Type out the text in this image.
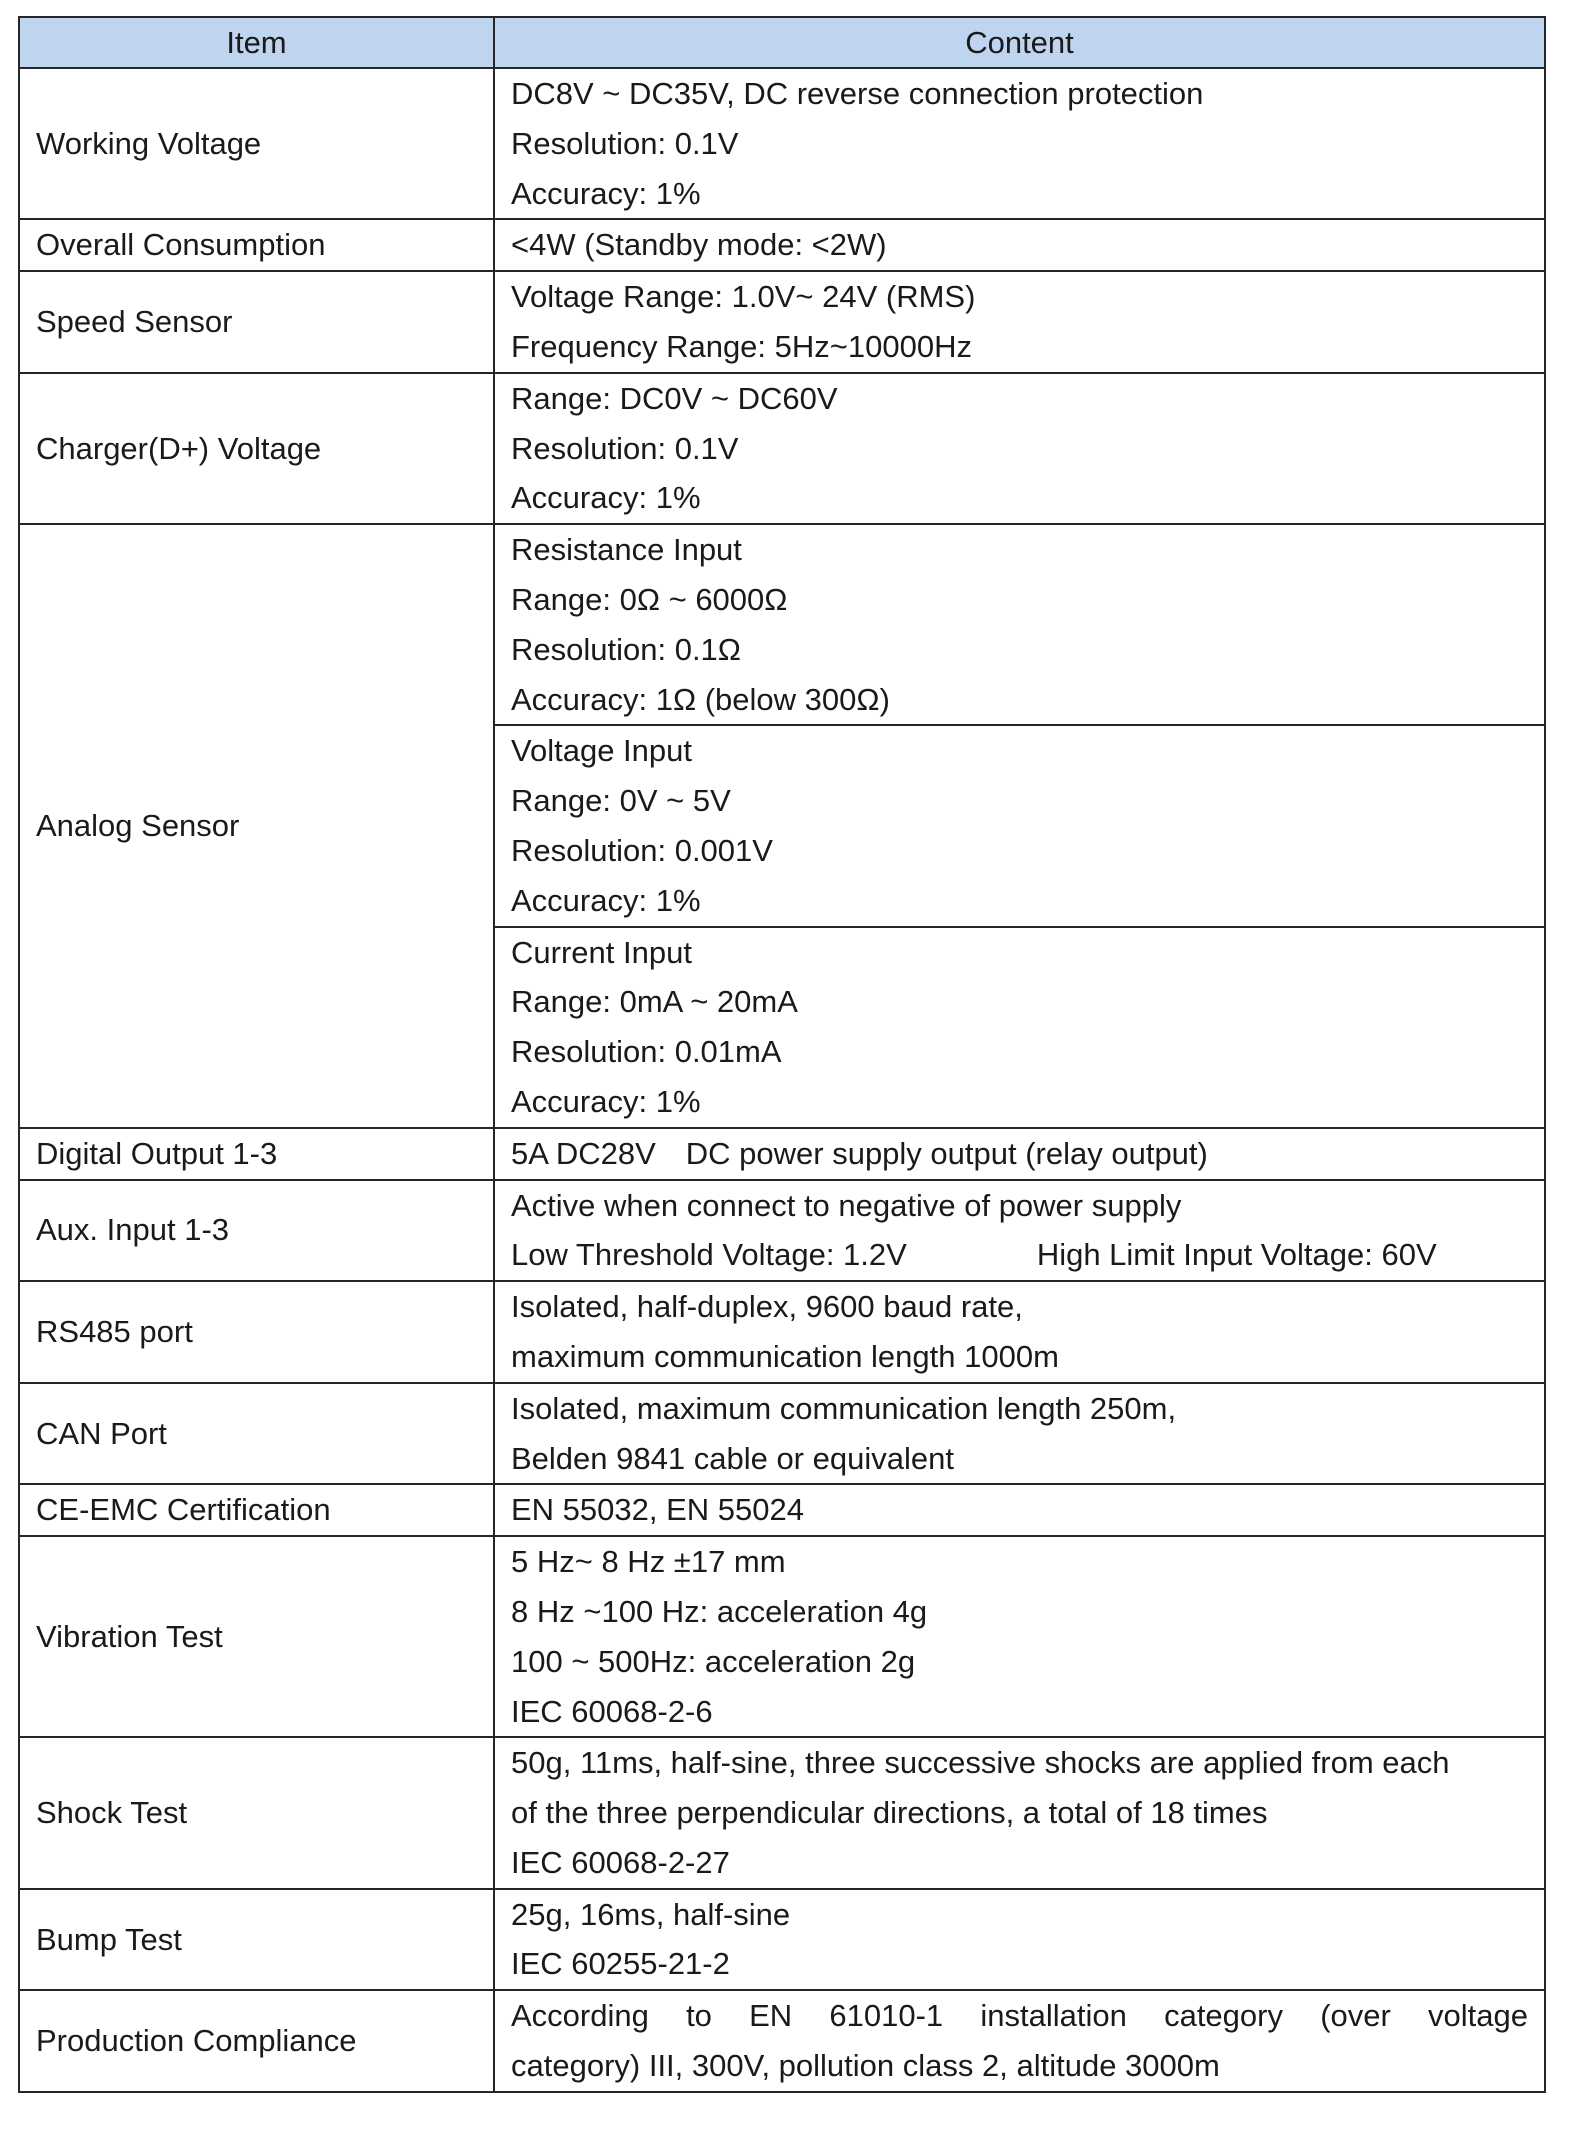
Item	Content
Working Voltage	DC8V ~ DC35V, DC reverse connection protection
Resolution: 0.1V
Accuracy: 1%

Overall Consumption	<4W (Standby mode: <2W)

Speed Sensor	Voltage Range: 1.0V~ 24V (RMS)
Frequency Range: 5Hz~10000Hz

Charger(D+) Voltage	Range: DC0V ~ DC60V
Resolution: 0.1V
Accuracy: 1%

Analog Sensor	Resistance Input
Range: 0Ω ~ 6000Ω
Resolution: 0.1Ω
Accuracy: 1Ω (below 300Ω)

	Voltage Input
Range: 0V ~ 5V
Resolution: 0.001V
Accuracy: 1%

	Current Input
Range: 0mA ~ 20mA
Resolution: 0.01mA
Accuracy: 1%

Digital Output 1-3	5A DC28V DC power supply output (relay output)

Aux. Input 1-3	Active when connect to negative of power supply
Low Threshold Voltage: 1.2V High Limit Input Voltage: 60V

RS485 port	Isolated, half-duplex, 9600 baud rate,
maximum communication length 1000m

CAN Port	Isolated, maximum communication length 250m,
Belden 9841 cable or equivalent

CE-EMC Certification	EN 55032, EN 55024

Vibration Test	5 Hz~ 8 Hz ±17 mm
8 Hz ~100 Hz: acceleration 4g
100 ~ 500Hz: acceleration 2g
IEC 60068-2-6

Shock Test	50g, 11ms, half-sine, three successive shocks are applied from each
of the three perpendicular directions, a total of 18 times
IEC 60068-2-27

Bump Test	25g, 16ms, half-sine
IEC 60255-21-2

Production Compliance	According to EN 61010-1 installation category (over voltage
category) III, 300V, pollution class 2, altitude 3000m
